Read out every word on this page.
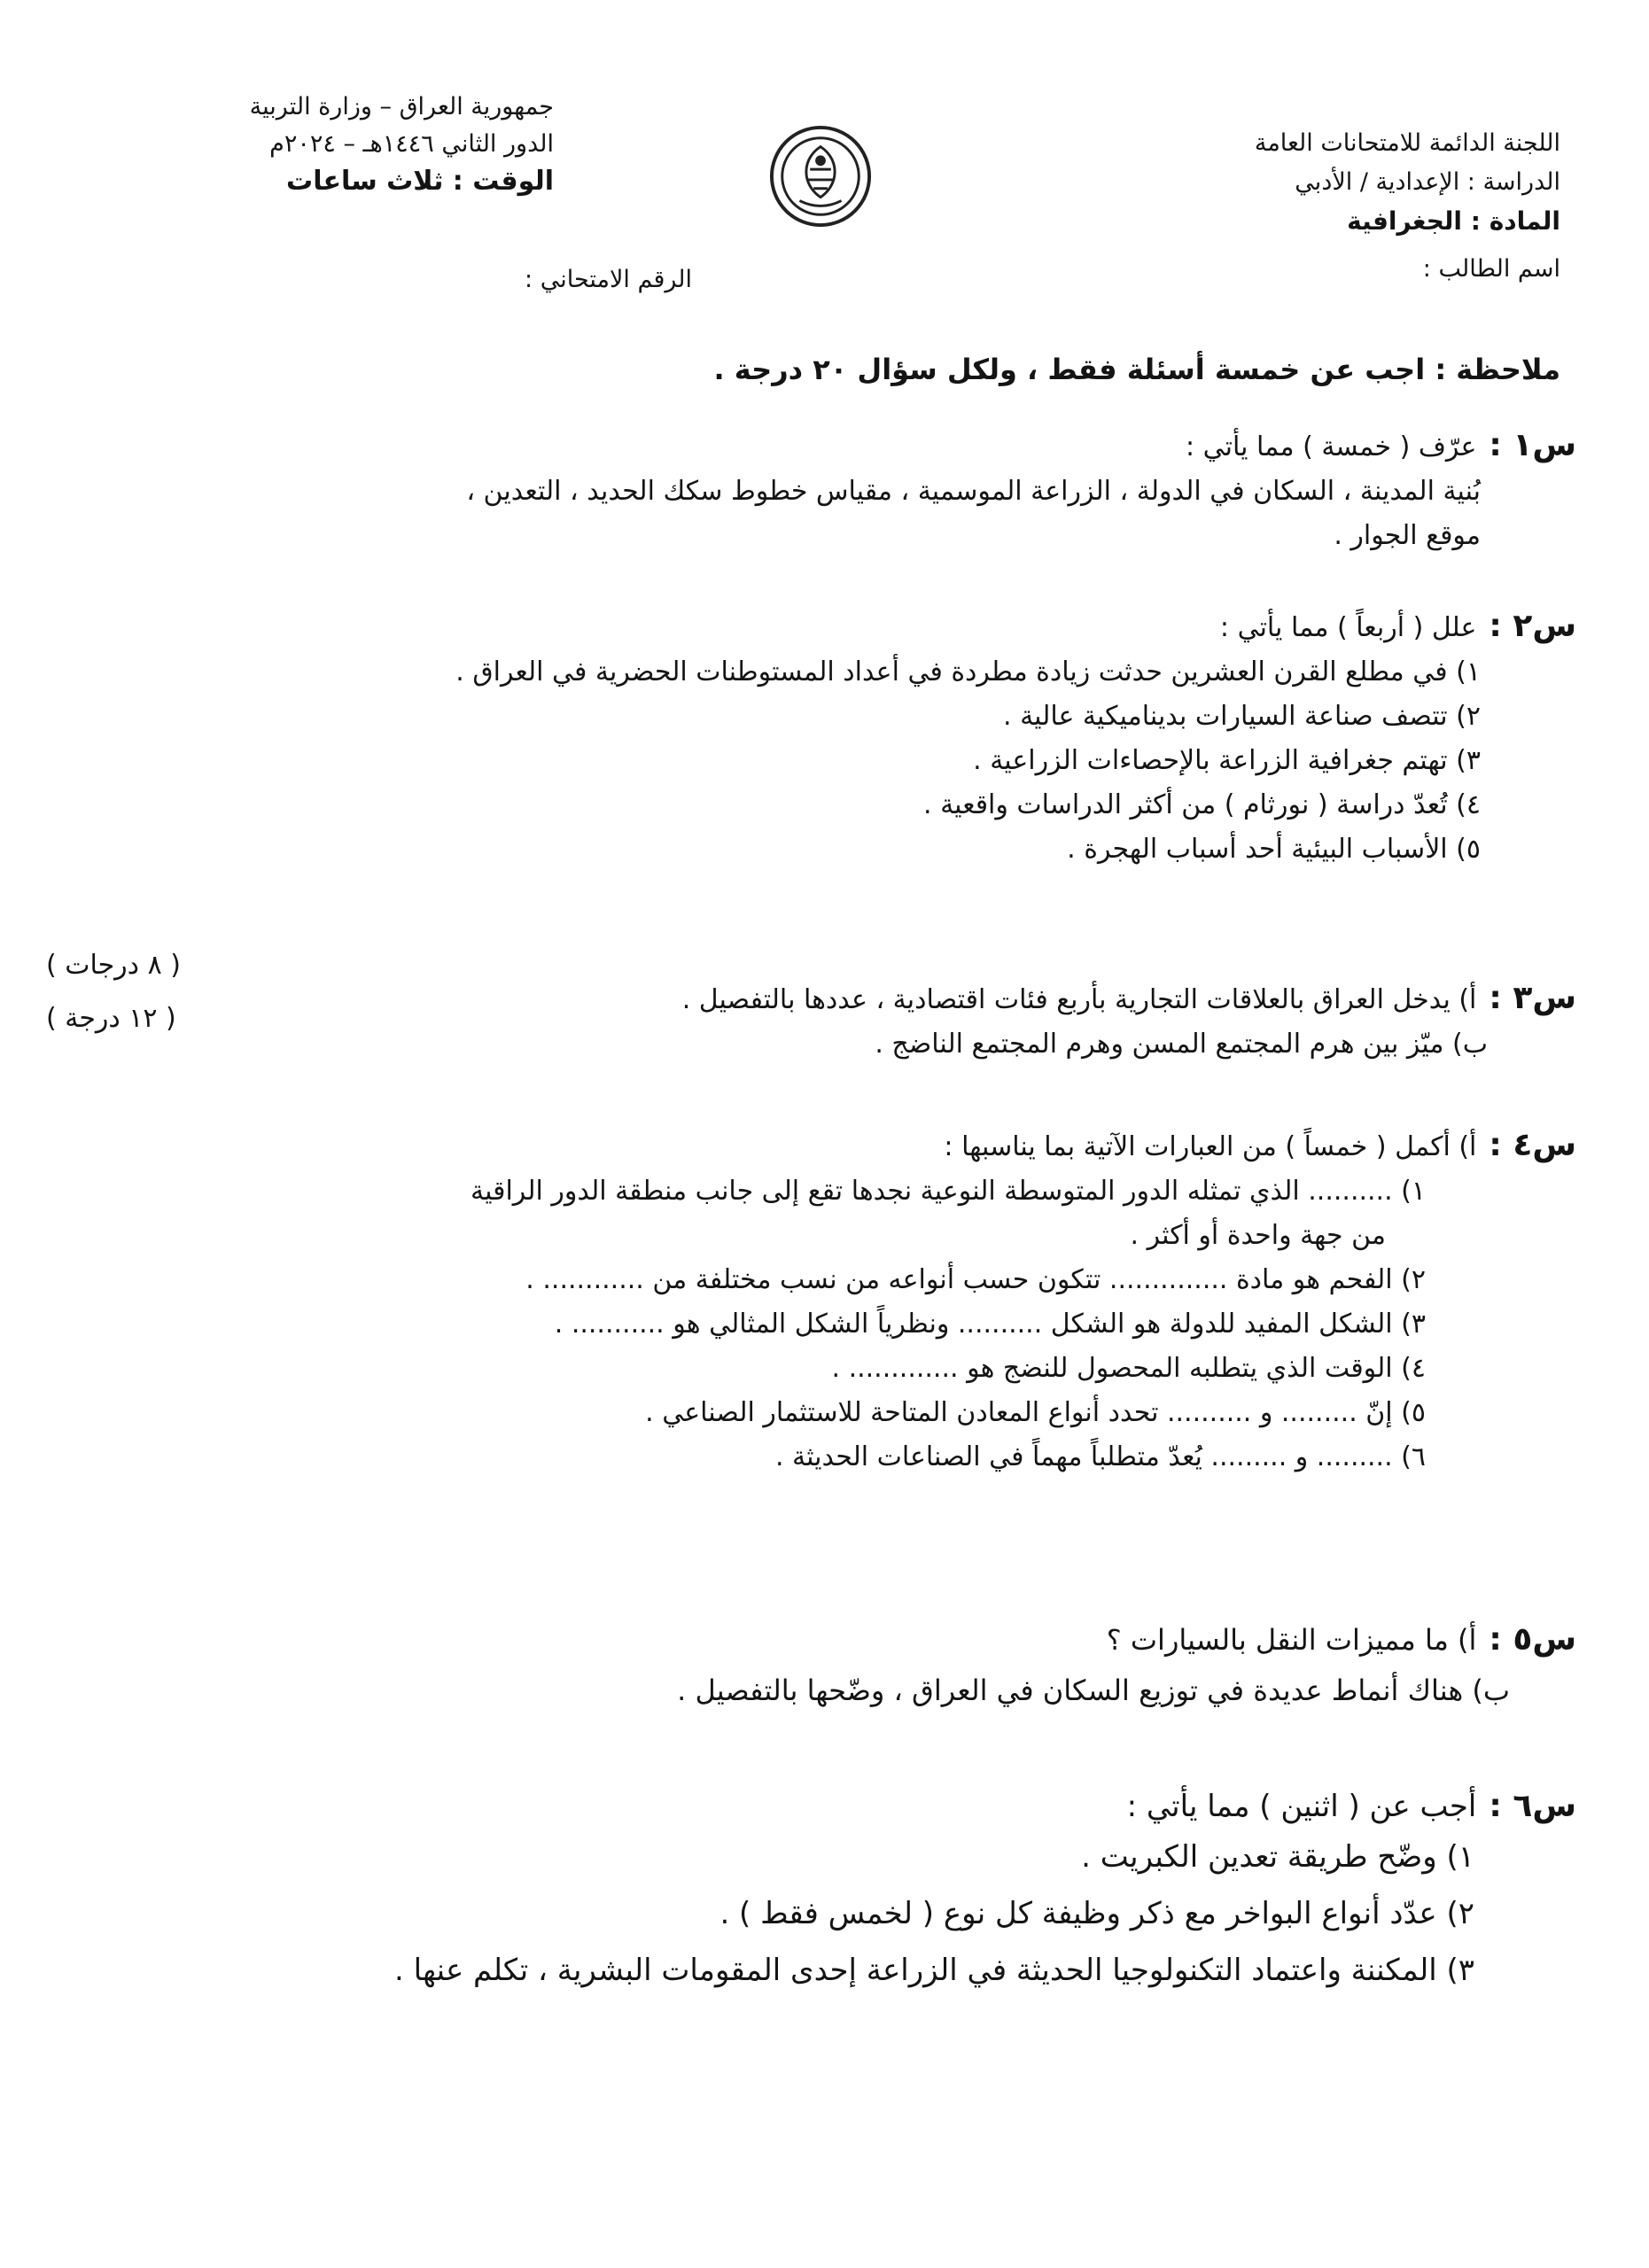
اللجنة الدائمة للامتحانات العامة
الدراسة : الإعدادية / الأدبي
المادة : الجغرافية
اسم الطالب :
جمهورية العراق – وزارة التربية
الدور الثاني ١٤٤٦هـ – ٢٠٢٤م
الوقت : ثلاث ساعات
الرقم الامتحاني :
ملاحظة : اجب عن خمسة أسئلة فقط ، ولكل سؤال ٢٠ درجة .
س١ :
عرّف ( خمسة ) مما يأتي :
بُنية المدينة ، السكان في الدولة ، الزراعة الموسمية ، مقياس خطوط سكك الحديد ، التعدين ،
موقع الجوار .
س٢ :
علل ( أربعاً ) مما يأتي :
١) في مطلع القرن العشرين حدثت زيادة مطردة في أعداد المستوطنات الحضرية في العراق .
٢) تتصف صناعة السيارات بديناميكية عالية .
٣) تهتم جغرافية الزراعة بالإحصاءات الزراعية .
٤) تُعدّ دراسة ( نورثام ) من أكثر الدراسات واقعية .
٥) الأسباب البيئية أحد أسباب الهجرة .
س٣ :
أ) يدخل العراق بالعلاقات التجارية بأربع فئات اقتصادية ، عددها بالتفصيل .
ب) ميّز بين هرم المجتمع المسن وهرم المجتمع الناضج .
( ٨ درجات )
( ١٢ درجة )
س٤ :
أ) أكمل ( خمساً ) من العبارات الآتية بما يناسبها :
١) .......... الذي تمثله الدور المتوسطة النوعية نجدها تقع إلى جانب منطقة الدور الراقية
من جهة واحدة أو أكثر .
٢) الفحم هو مادة .............. تتكون حسب أنواعه من نسب مختلفة من ............ .
٣) الشكل المفيد للدولة هو الشكل .......... ونظرياً الشكل المثالي هو ........... .
٤) الوقت الذي يتطلبه المحصول للنضج هو ............. .
٥) إنّ ......... و .......... تحدد أنواع المعادن المتاحة للاستثمار الصناعي .
٦) ......... و ......... يُعدّ متطلباً مهماً في الصناعات الحديثة .
س٥ :
أ) ما مميزات النقل بالسيارات ؟
ب) هناك أنماط عديدة في توزيع السكان في العراق ، وضّحها بالتفصيل .
س٦ :
أجب عن ( اثنين ) مما يأتي :
١) وضّح طريقة تعدين الكبريت .
٢) عدّد أنواع البواخر مع ذكر وظيفة كل نوع ( لخمس فقط ) .
٣) المكننة واعتماد التكنولوجيا الحديثة في الزراعة إحدى المقومات البشرية ، تكلم عنها .
